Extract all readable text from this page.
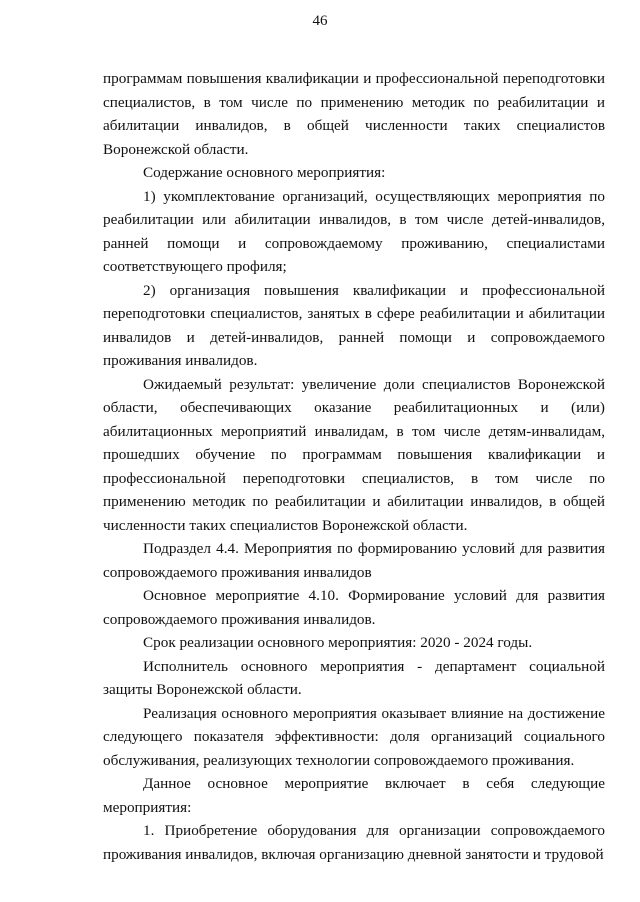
46

программам повышения квалификации и профессиональной переподготовки специалистов, в том числе по применению методик по реабилитации и абилитации инвалидов, в общей численности таких специалистов Воронежской области.

Содержание основного мероприятия:

1) укомплектование организаций, осуществляющих мероприятия по реабилитации или абилитации инвалидов, в том числе детей-инвалидов, ранней помощи и сопровождаемому проживанию, специалистами соответствующего профиля;

2) организация повышения квалификации и профессиональной переподготовки специалистов, занятых в сфере реабилитации и абилитации инвалидов и детей-инвалидов, ранней помощи и сопровождаемого проживания инвалидов.

Ожидаемый результат: увеличение доли специалистов Воронежской области, обеспечивающих оказание реабилитационных и (или) абилитационных мероприятий инвалидам, в том числе детям-инвалидам, прошедших обучение по программам повышения квалификации и профессиональной переподготовки специалистов, в том числе по применению методик по реабилитации и абилитации инвалидов, в общей численности таких специалистов Воронежской области.

Подраздел 4.4. Мероприятия по формированию условий для развития сопровождаемого проживания инвалидов

Основное мероприятие 4.10. Формирование условий для развития сопровождаемого проживания инвалидов.

Срок реализации основного мероприятия: 2020 - 2024 годы.

Исполнитель основного мероприятия - департамент социальной защиты Воронежской области.

Реализация основного мероприятия оказывает влияние на достижение следующего показателя эффективности: доля организаций социального обслуживания, реализующих технологии сопровождаемого проживания.

Данное основное мероприятие включает в себя следующие мероприятия:

1. Приобретение оборудования для организации сопровождаемого проживания инвалидов, включая организацию дневной занятости и трудовой
